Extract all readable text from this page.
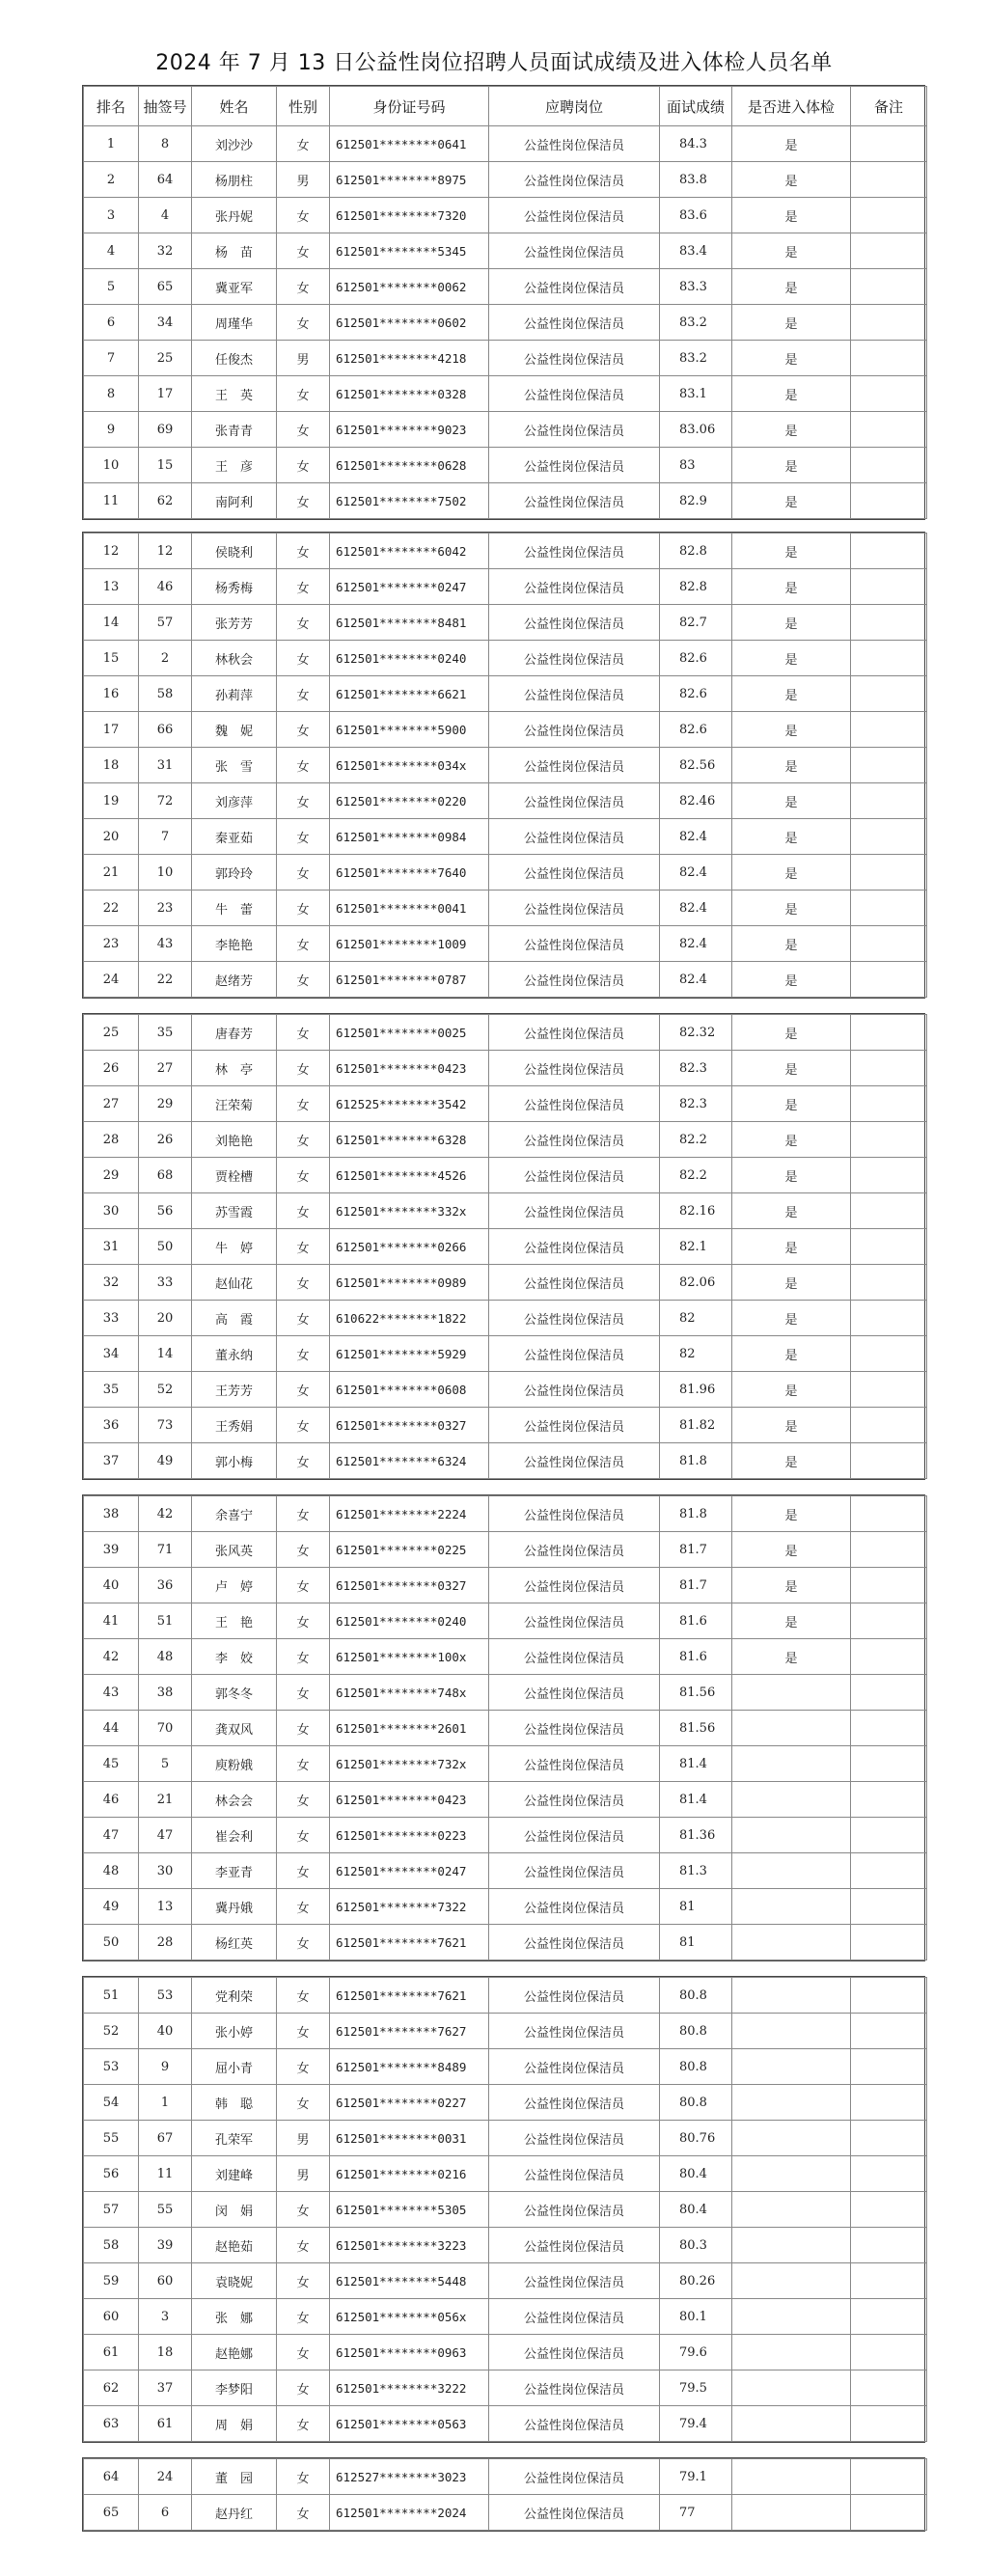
2024 年 7 月 13 日公益性岗位招聘人员面试成绩及进入体检人员名单
排名	抽签号	姓名	性别	身份证号码	应聘岗位	面试成绩	是否进入体检	备注
1	8	刘沙沙	女	612501********0641	公益性岗位保洁员	84.3	是	
2	64	杨朋柱	男	612501********8975	公益性岗位保洁员	83.8	是	
3	4	张丹妮	女	612501********7320	公益性岗位保洁员	83.6	是	
4	32	杨　苗	女	612501********5345	公益性岗位保洁员	83.4	是	
5	65	冀亚军	女	612501********0062	公益性岗位保洁员	83.3	是	
6	34	周瑾华	女	612501********0602	公益性岗位保洁员	83.2	是	
7	25	任俊杰	男	612501********4218	公益性岗位保洁员	83.2	是	
8	17	王　英	女	612501********0328	公益性岗位保洁员	83.1	是	
9	69	张青青	女	612501********9023	公益性岗位保洁员	83.06	是	
10	15	王　彦	女	612501********0628	公益性岗位保洁员	83	是	
11	62	南阿利	女	612501********7502	公益性岗位保洁员	82.9	是	
12	12	侯晓利	女	612501********6042	公益性岗位保洁员	82.8	是	
13	46	杨秀梅	女	612501********0247	公益性岗位保洁员	82.8	是	
14	57	张芳芳	女	612501********8481	公益性岗位保洁员	82.7	是	
15	2	林秋会	女	612501********0240	公益性岗位保洁员	82.6	是	
16	58	孙莉萍	女	612501********6621	公益性岗位保洁员	82.6	是	
17	66	魏　妮	女	612501********5900	公益性岗位保洁员	82.6	是	
18	31	张　雪	女	612501********034x	公益性岗位保洁员	82.56	是	
19	72	刘彦萍	女	612501********0220	公益性岗位保洁员	82.46	是	
20	7	秦亚茹	女	612501********0984	公益性岗位保洁员	82.4	是	
21	10	郭玲玲	女	612501********7640	公益性岗位保洁员	82.4	是	
22	23	牛　蕾	女	612501********0041	公益性岗位保洁员	82.4	是	
23	43	李艳艳	女	612501********1009	公益性岗位保洁员	82.4	是	
24	22	赵绪芳	女	612501********0787	公益性岗位保洁员	82.4	是	
25	35	唐春芳	女	612501********0025	公益性岗位保洁员	82.32	是	
26	27	林　亭	女	612501********0423	公益性岗位保洁员	82.3	是	
27	29	汪荣菊	女	612525********3542	公益性岗位保洁员	82.3	是	
28	26	刘艳艳	女	612501********6328	公益性岗位保洁员	82.2	是	
29	68	贾栓槽	女	612501********4526	公益性岗位保洁员	82.2	是	
30	56	苏雪霞	女	612501********332x	公益性岗位保洁员	82.16	是	
31	50	牛　婷	女	612501********0266	公益性岗位保洁员	82.1	是	
32	33	赵仙花	女	612501********0989	公益性岗位保洁员	82.06	是	
33	20	高　霞	女	610622********1822	公益性岗位保洁员	82	是	
34	14	董永纳	女	612501********5929	公益性岗位保洁员	82	是	
35	52	王芳芳	女	612501********0608	公益性岗位保洁员	81.96	是	
36	73	王秀娟	女	612501********0327	公益性岗位保洁员	81.82	是	
37	49	郭小梅	女	612501********6324	公益性岗位保洁员	81.8	是	
38	42	余喜宁	女	612501********2224	公益性岗位保洁员	81.8	是	
39	71	张风英	女	612501********0225	公益性岗位保洁员	81.7	是	
40	36	卢　婷	女	612501********0327	公益性岗位保洁员	81.7	是	
41	51	王　艳	女	612501********0240	公益性岗位保洁员	81.6	是	
42	48	李　姣	女	612501********100x	公益性岗位保洁员	81.6	是	
43	38	郭冬冬	女	612501********748x	公益性岗位保洁员	81.56		
44	70	龚双风	女	612501********2601	公益性岗位保洁员	81.56		
45	5	庾粉娥	女	612501********732x	公益性岗位保洁员	81.4		
46	21	林会会	女	612501********0423	公益性岗位保洁员	81.4		
47	47	崔会利	女	612501********0223	公益性岗位保洁员	81.36		
48	30	李亚青	女	612501********0247	公益性岗位保洁员	81.3		
49	13	冀丹娥	女	612501********7322	公益性岗位保洁员	81		
50	28	杨红英	女	612501********7621	公益性岗位保洁员	81		
51	53	党利荣	女	612501********7621	公益性岗位保洁员	80.8		
52	40	张小婷	女	612501********7627	公益性岗位保洁员	80.8		
53	9	屈小青	女	612501********8489	公益性岗位保洁员	80.8		
54	1	韩　聪	女	612501********0227	公益性岗位保洁员	80.8		
55	67	孔荣军	男	612501********0031	公益性岗位保洁员	80.76		
56	11	刘建峰	男	612501********0216	公益性岗位保洁员	80.4		
57	55	闵　娟	女	612501********5305	公益性岗位保洁员	80.4		
58	39	赵艳茹	女	612501********3223	公益性岗位保洁员	80.3		
59	60	袁晓妮	女	612501********5448	公益性岗位保洁员	80.26		
60	3	张　娜	女	612501********056x	公益性岗位保洁员	80.1		
61	18	赵艳娜	女	612501********0963	公益性岗位保洁员	79.6		
62	37	李梦阳	女	612501********3222	公益性岗位保洁员	79.5		
63	61	周　娟	女	612501********0563	公益性岗位保洁员	79.4		
64	24	董　园	女	612527********3023	公益性岗位保洁员	79.1		
65	6	赵丹红	女	612501********2024	公益性岗位保洁员	77		
